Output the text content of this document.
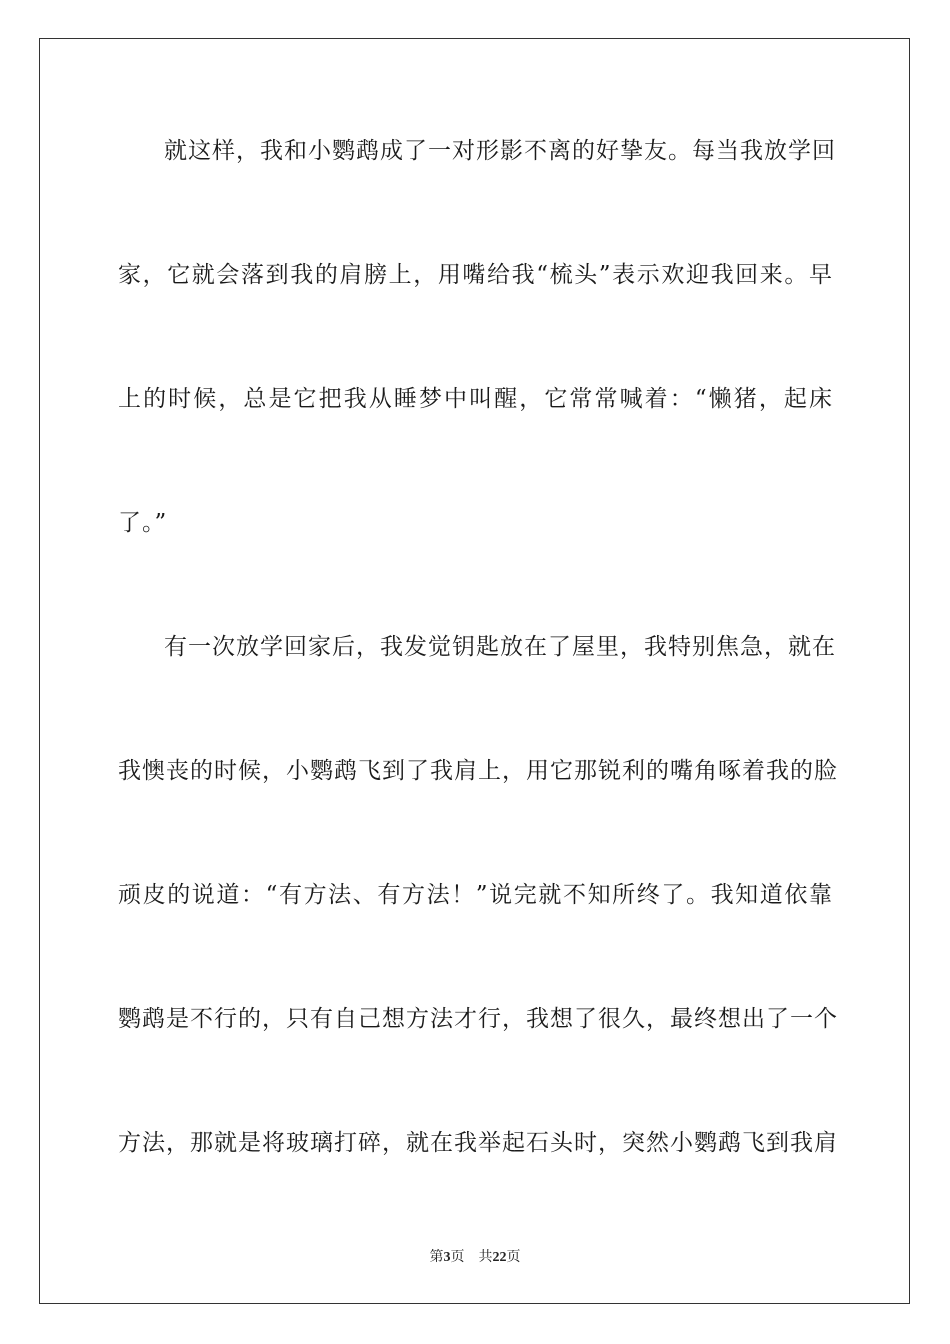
就这样，我和小鹦鹉成了一对形影不离的好挚友。每当我放学回
家，它就会落到我的肩膀上，用嘴给我“梳头”表示欢迎我回来。早
上的时候，总是它把我从睡梦中叫醒，它常常喊着：“懒猪，起床
了。”
有一次放学回家后，我发觉钥匙放在了屋里，我特别焦急，就在
我懊丧的时候，小鹦鹉飞到了我肩上，用它那锐利的嘴角啄着我的脸
顽皮的说道：“有方法、有方法！”说完就不知所终了。我知道依靠
鹦鹉是不行的，只有自己想方法才行，我想了很久，最终想出了一个
方法，那就是将玻璃打碎，就在我举起石头时，突然小鹦鹉飞到我肩
第3页 共22页
